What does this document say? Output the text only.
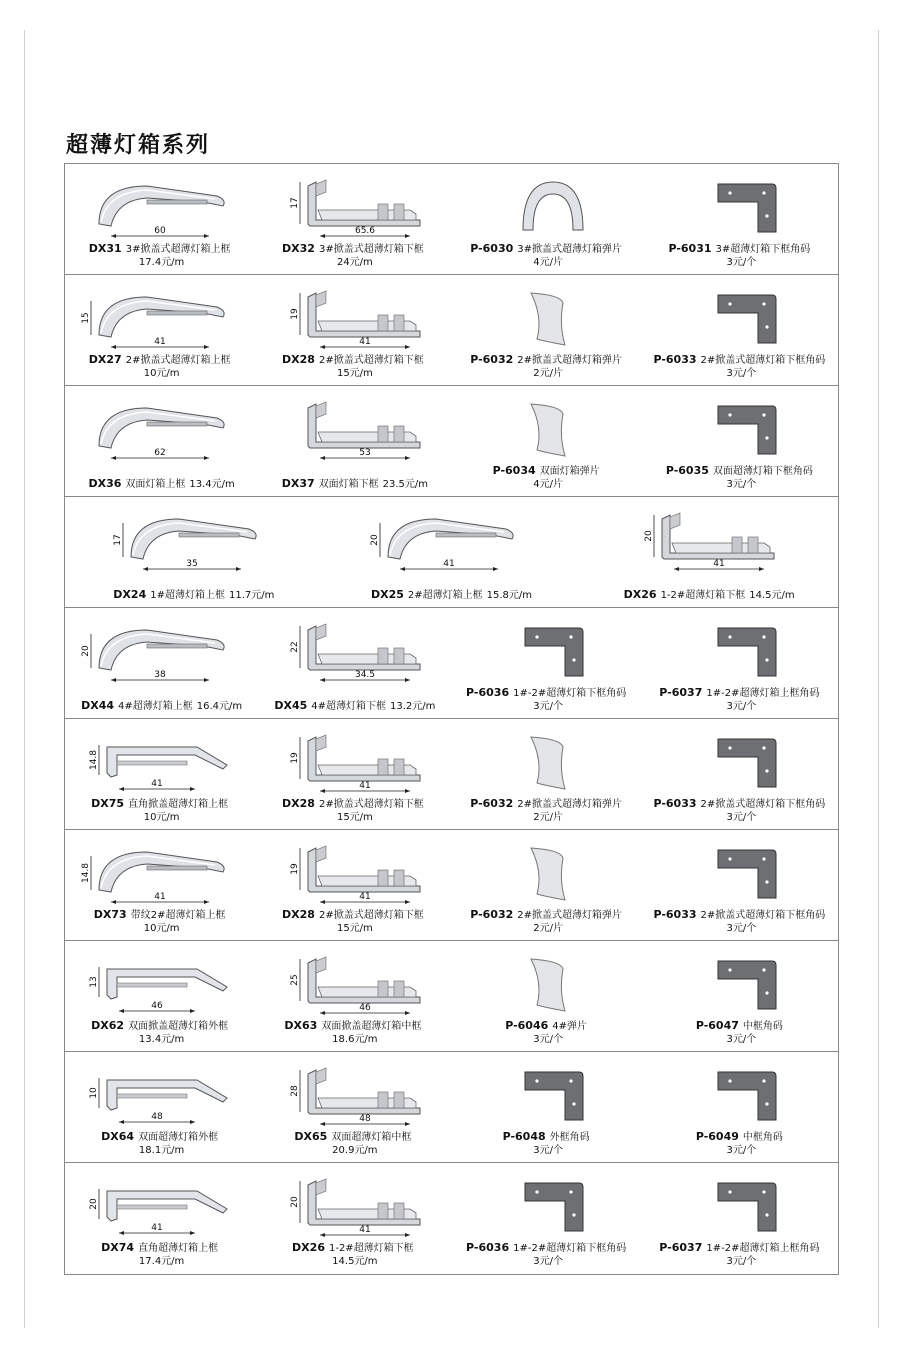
超薄灯箱系列
60
DX31 3#掀盖式超薄灯箱上框
17.4元/m
17
65.6
DX32 3#掀盖式超薄灯箱下框
24元/m
P-6030 3#掀盖式超薄灯箱弹片
4元/片
P-6031 3#超薄灯箱下框角码
3元/个
15
41
DX27 2#掀盖式超薄灯箱上框
10元/m
19
41
DX28 2#掀盖式超薄灯箱下框
15元/m
P-6032 2#掀盖式超薄灯箱弹片
2元/片
P-6033 2#掀盖式超薄灯箱下框角码
3元/个
62
DX36 双面灯箱上框 13.4元/m
53
DX37 双面灯箱下框 23.5元/m
P-6034 双面灯箱弹片
4元/片
P-6035 双面超薄灯箱下框角码
3元/个
17
35
DX24 1#超薄灯箱上框 11.7元/m
20
41
DX25 2#超薄灯箱上框 15.8元/m
20
41
DX26 1-2#超薄灯箱下框 14.5元/m
20
38
DX44 4#超薄灯箱上框 16.4元/m
22
34.5
DX45 4#超薄灯箱下框 13.2元/m
P-6036 1#-2#超薄灯箱下框角码
3元/个
P-6037 1#-2#超薄灯箱上框角码
3元/个
14.8
41
DX75 直角掀盖超薄灯箱上框
10元/m
19
41
DX28 2#掀盖式超薄灯箱下框
15元/m
P-6032 2#掀盖式超薄灯箱弹片
2元/片
P-6033 2#掀盖式超薄灯箱下框角码
3元/个
14.8
41
DX73 带纹2#超薄灯箱上框
10元/m
19
41
DX28 2#掀盖式超薄灯箱下框
15元/m
P-6032 2#掀盖式超薄灯箱弹片
2元/片
P-6033 2#掀盖式超薄灯箱下框角码
3元/个
13
46
DX62 双面掀盖超薄灯箱外框
13.4元/m
25
46
DX63 双面掀盖超薄灯箱中框
18.6元/m
P-6046 4#弹片
3元/个
P-6047 中框角码
3元/个
10
48
DX64 双面超薄灯箱外框
18.1元/m
28
48
DX65 双面超薄灯箱中框
20.9元/m
P-6048 外框角码
3元/个
P-6049 中框角码
3元/个
20
41
DX74 直角超薄灯箱上框
17.4元/m
20
41
DX26 1-2#超薄灯箱下框
14.5元/m
P-6036 1#-2#超薄灯箱下框角码
3元/个
P-6037 1#-2#超薄灯箱上框角码
3元/个
